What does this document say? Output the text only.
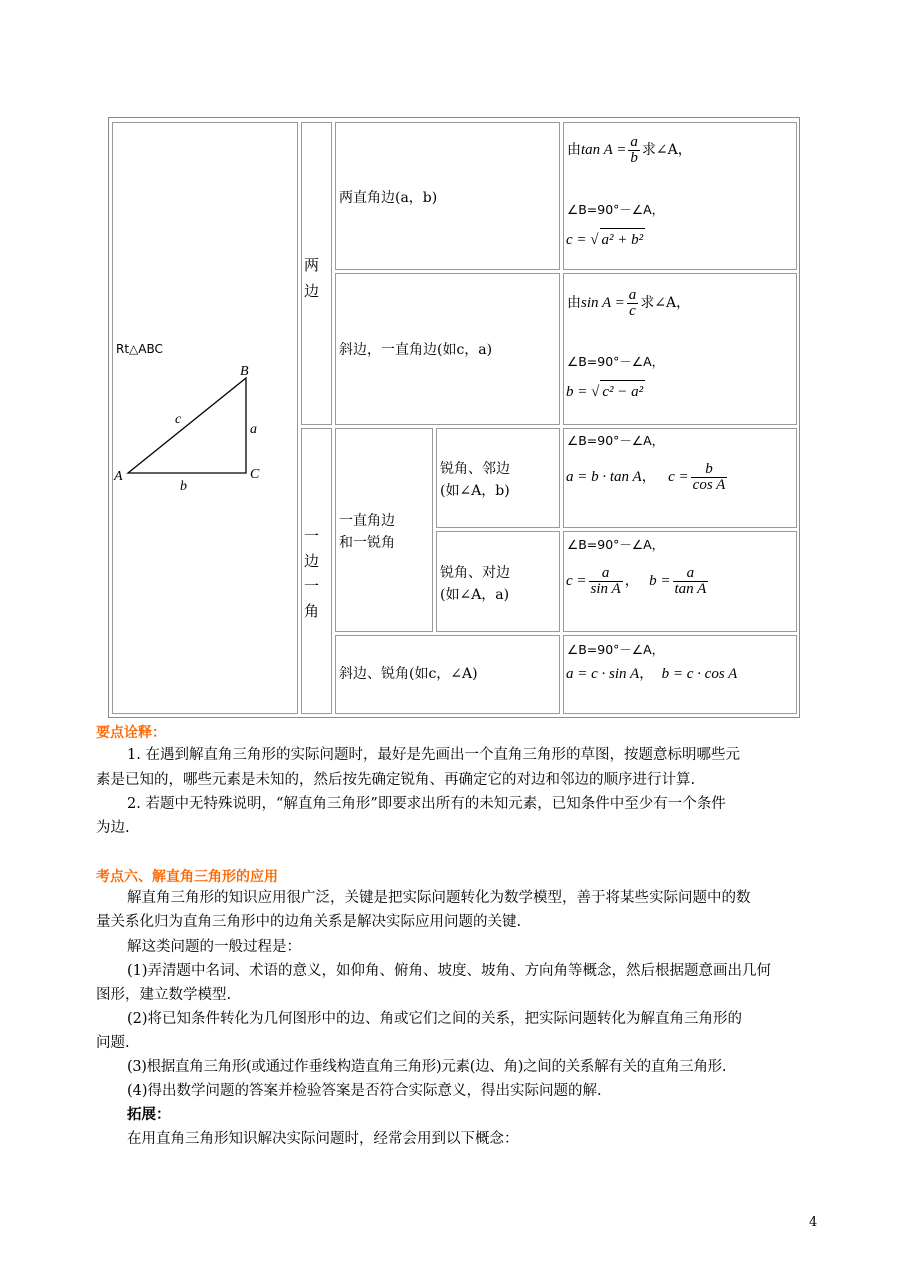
Rt△ABC
B
A	C
a
b
c
两
边
一
边
一
角
两直角边(a，b)
由$\tan A = \frac{a}{b}$ 求∠A，
∠B=90°－∠A，
c = √ a² + b²
斜边，一直角边(如c，a)
由$\sin A = \frac{a}{c}$ 求∠A，
∠B=90°－∠A，
b = √ c² − a²
一直角边
和一锐角
锐角、邻边
(如∠A，b)
∠B=90°－∠A，
a = b · tan A， $c = \frac{b}{\text{cos A}}$
锐角、对边
(如∠A，a)
∠B=90°－∠A，
$c = \frac{a}{\text{sin A}}$ ， $b = \frac{a}{\text{tan A}}$
斜边、锐角(如c，∠A)
∠B=90°－∠A，
a = c · sin A， b = c · cos A
要点诠释：
1. 在遇到解直角三角形的实际问题时，最好是先画出一个直角三角形的草图，按题意标明哪些元
素是已知的，哪些元素是未知的，然后按先确定锐角、再确定它的对边和邻边的顺序进行计算.
2. 若题中无特殊说明，“解直角三角形”即要求出所有的未知元素，已知条件中至少有一个条件
为边.
考点六、解直角三角形的应用
解直角三角形的知识应用很广泛，关键是把实际问题转化为数学模型，善于将某些实际问题中的数
量关系化归为直角三角形中的边角关系是解决实际应用问题的关键.
解这类问题的一般过程是：
(1)弄清题中名词、术语的意义，如仰角、俯角、坡度、坡角、方向角等概念，然后根据题意画出几何
图形，建立数学模型.
(2)将已知条件转化为几何图形中的边、角或它们之间的关系，把实际问题转化为解直角三角形的
问题.
(3)根据直角三角形(或通过作垂线构造直角三角形)元素(边、角)之间的关系解有关的直角三角形.
(4)得出数学问题的答案并检验答案是否符合实际意义，得出实际问题的解.
拓展：
在用直角三角形知识解决实际问题时，经常会用到以下概念：
4
